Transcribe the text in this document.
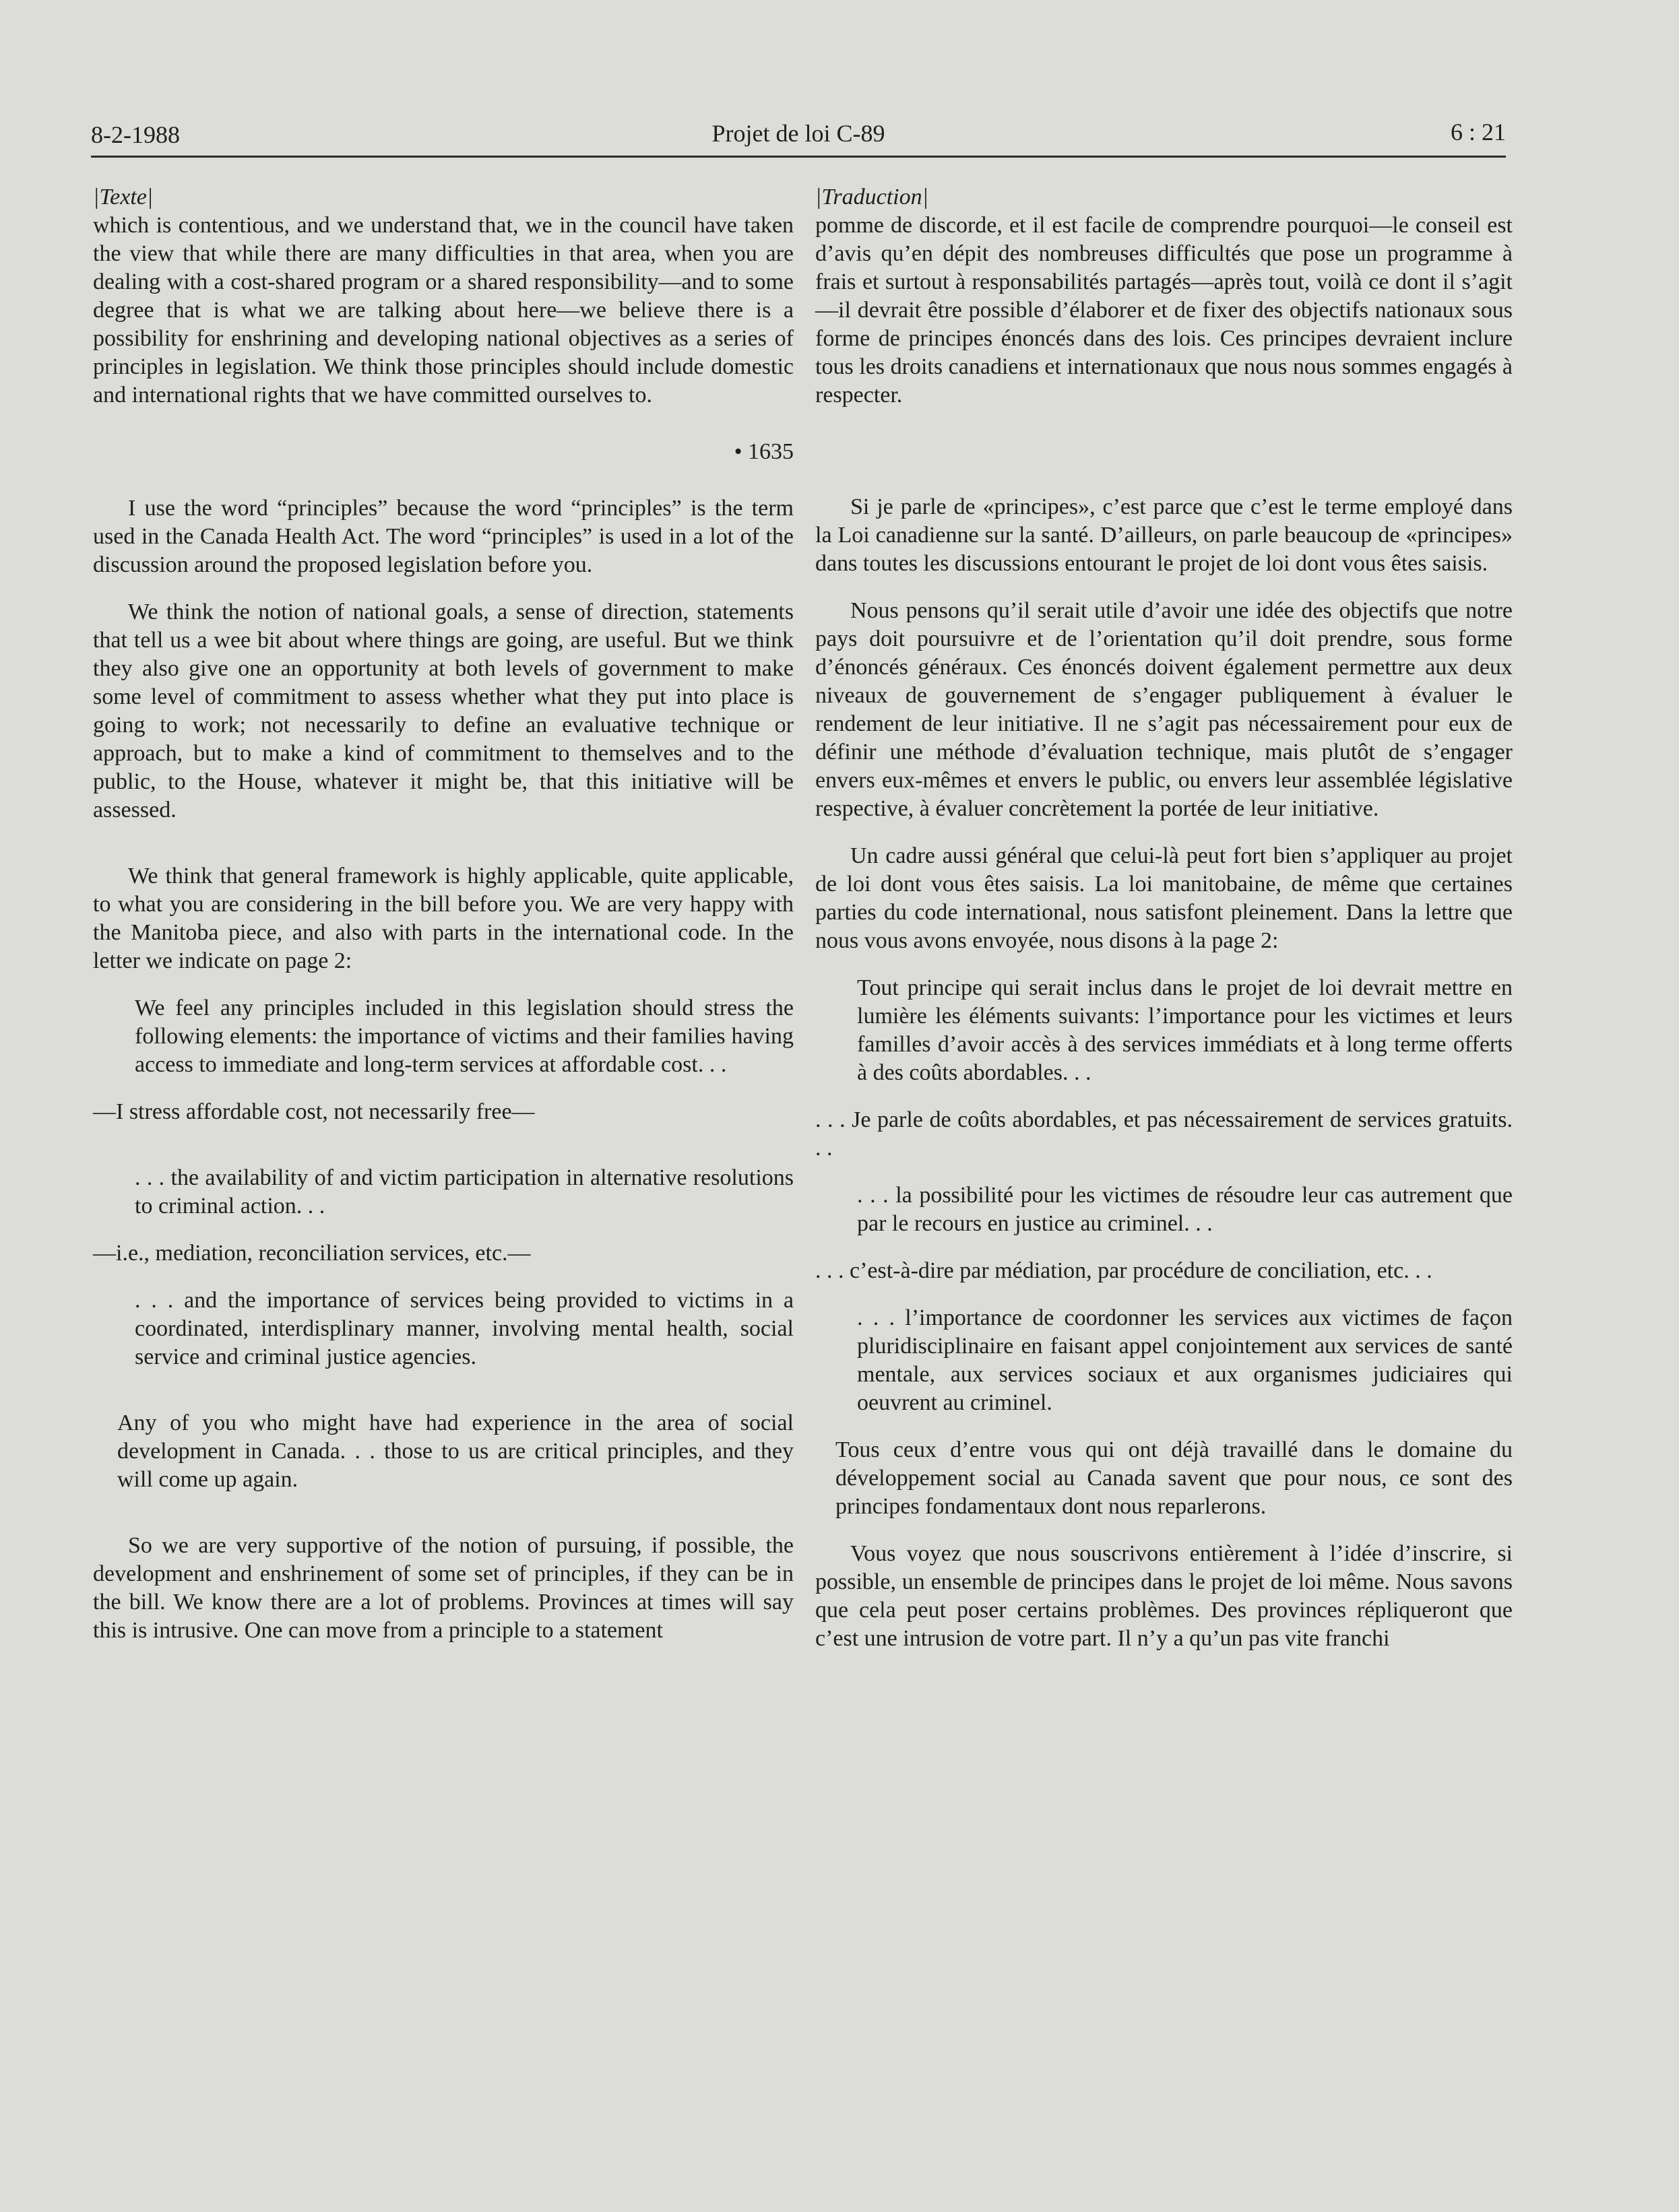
8-2-1988	Projet de loi C-89	6 : 21

|Texte|

which is contentious, and we understand that, we in the council have taken the view that while there are many difficulties in that area, when you are dealing with a cost-shared program or a shared responsibility—and to some degree that is what we are talking about here—we believe there is a possibility for enshrining and developing national objectives as a series of principles in legislation. We think those principles should include domestic and international rights that we have committed ourselves to.

• 1635

I use the word “principles” because the word “principles” is the term used in the Canada Health Act. The word “principles” is used in a lot of the discussion around the proposed legislation before you.

We think the notion of national goals, a sense of direction, statements that tell us a wee bit about where things are going, are useful. But we think they also give one an opportunity at both levels of government to make some level of commitment to assess whether what they put into place is going to work; not necessarily to define an evaluative technique or approach, but to make a kind of commitment to themselves and to the public, to the House, whatever it might be, that this initiative will be assessed.

We think that general framework is highly applicable, quite applicable, to what you are considering in the bill before you. We are very happy with the Manitoba piece, and also with parts in the international code. In the letter we indicate on page 2:

We feel any principles included in this legislation should stress the following elements: the importance of victims and their families having access to immediate and long-term services at affordable cost. . .

—I stress affordable cost, not necessarily free—

. . . the availability of and victim participation in alternative resolutions to criminal action. . .

—i.e., mediation, reconciliation services, etc.—

. . . and the importance of services being provided to victims in a coordinated, interdisplinary manner, involving mental health, social service and criminal justice agencies.

Any of you who might have had experience in the area of social development in Canada. . . those to us are critical principles, and they will come up again.

So we are very supportive of the notion of pursuing, if possible, the development and enshrinement of some set of principles, if they can be in the bill. We know there are a lot of problems. Provinces at times will say this is intrusive. One can move from a principle to a statement

|Traduction|

pomme de discorde, et il est facile de comprendre pourquoi—le conseil est d’avis qu’en dépit des nombreuses difficultés que pose un programme à frais et surtout à responsabilités partagés—après tout, voilà ce dont il s’agit—il devrait être possible d’élaborer et de fixer des objectifs nationaux sous forme de principes énoncés dans des lois. Ces principes devraient inclure tous les droits canadiens et internationaux que nous nous sommes engagés à respecter.

Si je parle de «principes», c’est parce que c’est le terme employé dans la Loi canadienne sur la santé. D’ailleurs, on parle beaucoup de «principes» dans toutes les discussions entourant le projet de loi dont vous êtes saisis.

Nous pensons qu’il serait utile d’avoir une idée des objectifs que notre pays doit poursuivre et de l’orientation qu’il doit prendre, sous forme d’énoncés généraux. Ces énoncés doivent également permettre aux deux niveaux de gouvernement de s’engager publiquement à évaluer le rendement de leur initiative. Il ne s’agit pas nécessairement pour eux de définir une méthode d’évaluation technique, mais plutôt de s’engager envers eux-mêmes et envers le public, ou envers leur assemblée législative respective, à évaluer concrètement la portée de leur initiative.

Un cadre aussi général que celui-là peut fort bien s’appliquer au projet de loi dont vous êtes saisis. La loi manitobaine, de même que certaines parties du code international, nous satisfont pleinement. Dans la lettre que nous vous avons envoyée, nous disons à la page 2:

Tout principe qui serait inclus dans le projet de loi devrait mettre en lumière les éléments suivants: l’importance pour les victimes et leurs familles d’avoir accès à des services immédiats et à long terme offerts à des coûts abordables. . .

. . . Je parle de coûts abordables, et pas nécessairement de services gratuits. . .

. . . la possibilité pour les victimes de résoudre leur cas autrement que par le recours en justice au criminel. . .

. . . c’est-à-dire par médiation, par procédure de conciliation, etc. . .

. . . l’importance de coordonner les services aux victimes de façon pluridisciplinaire en faisant appel conjointement aux services de santé mentale, aux services sociaux et aux organismes judiciaires qui oeuvrent au criminel.

Tous ceux d’entre vous qui ont déjà travaillé dans le domaine du développement social au Canada savent que pour nous, ce sont des principes fondamentaux dont nous reparlerons.

Vous voyez que nous souscrivons entièrement à l’idée d’inscrire, si possible, un ensemble de principes dans le projet de loi même. Nous savons que cela peut poser certains problèmes. Des provinces répliqueront que c’est une intrusion de votre part. Il n’y a qu’un pas vite franchi
